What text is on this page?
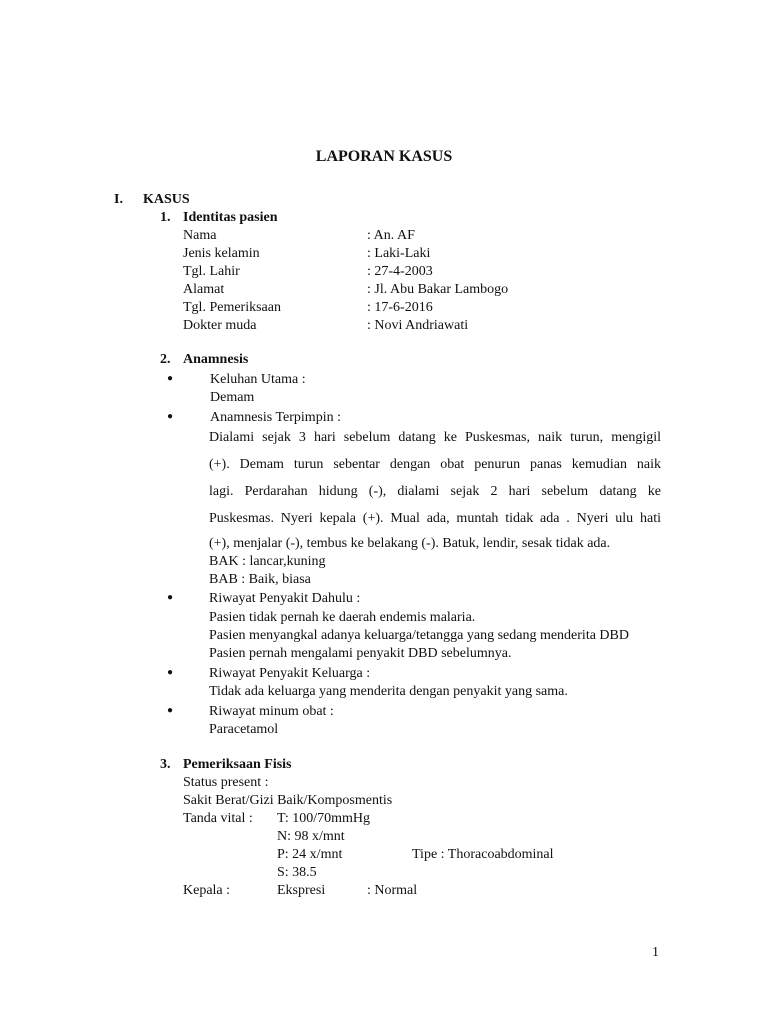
LAPORAN KASUS
I. KASUS
1. Identitas pasien
Nama	: An. AF
Jenis kelamin	: Laki-Laki
Tgl. Lahir	: 27-4-2003
Alamat	: Jl. Abu Bakar Lambogo
Tgl. Pemeriksaan	: 17-6-2016
Dokter muda	: Novi Andriawati
2. Anamnesis
●	Keluhan Utama :
Demam
●	Anamnesis Terpimpin :
Dialami sejak 3 hari sebelum datang ke Puskesmas, naik turun, mengigil
(+). Demam turun sebentar dengan obat penurun panas kemudian naik
lagi. Perdarahan hidung (-), dialami sejak 2 hari sebelum datang ke
Puskesmas. Nyeri kepala (+). Mual ada, muntah tidak ada . Nyeri ulu hati
(+), menjalar (-), tembus ke belakang (-). Batuk, lendir, sesak tidak ada.
BAK : lancar,kuning
BAB : Baik, biasa
●	Riwayat Penyakit Dahulu :
Pasien tidak pernah ke daerah endemis malaria.
Pasien menyangkal adanya keluarga/tetangga yang sedang menderita DBD
Pasien pernah mengalami penyakit DBD sebelumnya.
●	Riwayat Penyakit Keluarga :
Tidak ada keluarga yang menderita dengan penyakit yang sama.
●	Riwayat minum obat :
Paracetamol
3. Pemeriksaan Fisis
Status present :
Sakit Berat/Gizi Baik/Komposmentis
Tanda vital : T: 100/70mmHg
N: 98 x/mnt
P: 24 x/mnt	Tipe : Thoracoabdominal
S: 38.5
Kepala :	Ekspresi	: Normal
1
